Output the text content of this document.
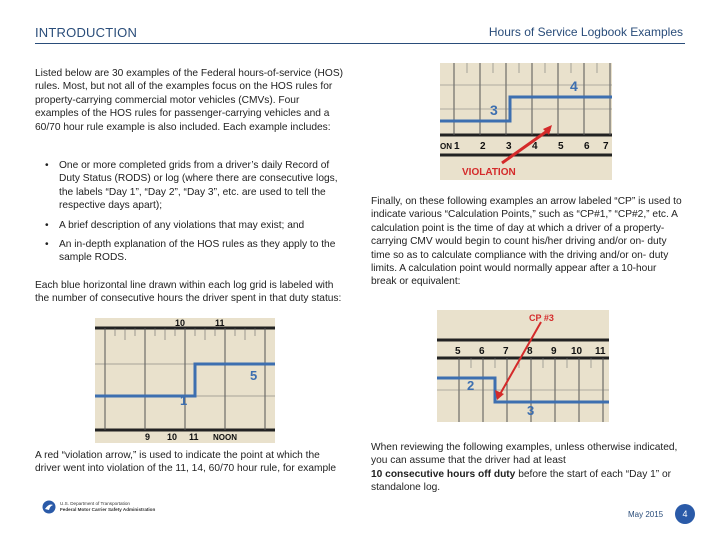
INTRODUCTION	Hours of Service Logbook Examples
Listed below are 30 examples of the Federal hours-of-service (HOS) rules. Most, but not all of the examples focus on the HOS rules for property-carrying commercial motor vehicles (CMVs). Four examples of the HOS rules for passenger-carrying vehicles and a 60/70 hour rule example is also included. Each example includes:
• One or more completed grids from a driver’s daily Record of Duty Status (RODS) or log (where there are consecutive logs, the labels “Day 1”, “Day 2”, “Day 3”, etc. are used to tell the respective days apart);
• A brief description of any violations that may exist; and
• An in-depth explanation of the HOS rules as they apply to the sample RODS.
Each blue horizontal line drawn within each log grid is labeled with the number of consecutive hours the driver spent in that duty status:
10	11
5
1
9 10 11 NOON
A red “violation arrow,” is used to indicate the point at which the driver went into violation of the 11, 14, 60/70 hour rule, for example
4
3
ON 1 2 3 4 5 6 7
VIOLATION
Finally, on these following examples an arrow labeled “CP” is used to indicate various “Calculation Points,” such as “CP#1,” “CP#2,” etc. A calculation point is the time of day at which a driver of a property-carrying CMV would begin to count his/her driving and/or on- duty time so as to calculate compliance with the driving and/or on- duty limits. A calculation point would normally appear after a 10-hour break or equivalent:
CP #3
5 6 7 8 9 10 11
2
3
When reviewing the following examples, unless otherwise indicated, you can assume that the driver had at least
10 consecutive hours off duty before the start of each “Day 1” or standalone log.
U.S. Department of Transportation
Federal Motor Carrier Safety Administration
May 2015	4
